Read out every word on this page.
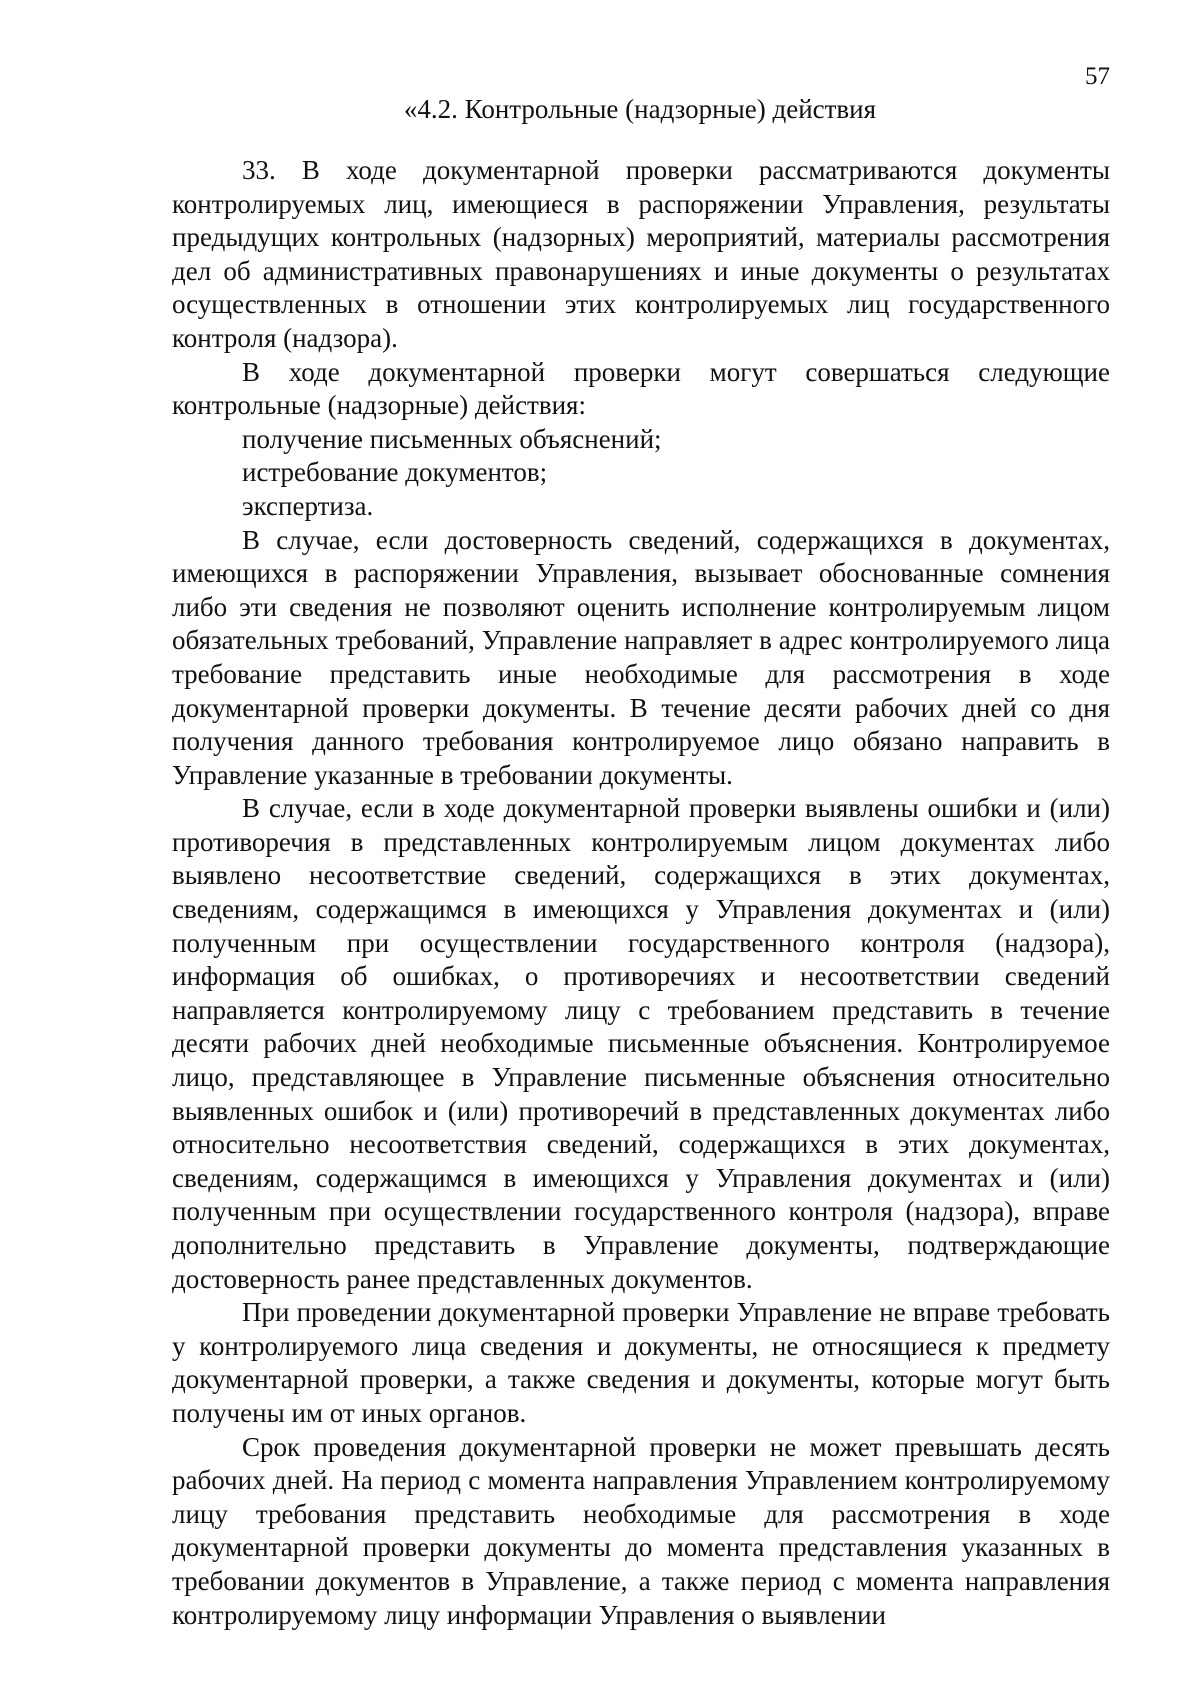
57
«4.2. Контрольные (надзорные) действия

33. В ходе документарной проверки рассматриваются документы контролируемых лиц, имеющиеся в распоряжении Управления, результаты предыдущих контрольных (надзорных) мероприятий, материалы рассмотрения дел об административных правонарушениях и иные документы о результатах осуществленных в отношении этих контролируемых лиц государственного контроля (надзора).

В ходе документарной проверки могут совершаться следующие контрольные (надзорные) действия:

получение письменных объяснений;

истребование документов;

экспертиза.

В случае, если достоверность сведений, содержащихся в документах, имеющихся в распоряжении Управления, вызывает обоснованные сомнения либо эти сведения не позволяют оценить исполнение контролируемым лицом обязательных требований, Управление направляет в адрес контролируемого лица требование представить иные необходимые для рассмотрения в ходе документарной проверки документы. В течение десяти рабочих дней со дня получения данного требования контролируемое лицо обязано направить в Управление указанные в требовании документы.

В случае, если в ходе документарной проверки выявлены ошибки и (или) противоречия в представленных контролируемым лицом документах либо выявлено несоответствие сведений, содержащихся в этих документах, сведениям, содержащимся в имеющихся у Управления документах и (или) полученным при осуществлении государственного контроля (надзора), информация об ошибках, о противоречиях и несоответствии сведений направляется контролируемому лицу с требованием представить в течение десяти рабочих дней необходимые письменные объяснения. Контролируемое лицо, представляющее в Управление письменные объяснения относительно выявленных ошибок и (или) противоречий в представленных документах либо относительно несоответствия сведений, содержащихся в этих документах, сведениям, содержащимся в имеющихся у Управления документах и (или) полученным при осуществлении государственного контроля (надзора), вправе дополнительно представить в Управление документы, подтверждающие достоверность ранее представленных документов.

При проведении документарной проверки Управление не вправе требовать у контролируемого лица сведения и документы, не относящиеся к предмету документарной проверки, а также сведения и документы, которые могут быть получены им от иных органов.

Срок проведения документарной проверки не может превышать десять рабочих дней. На период с момента направления Управлением контролируемому лицу требования представить необходимые для рассмотрения в ходе документарной проверки документы до момента представления указанных в требовании документов в Управление, а также период с момента направления контролируемому лицу информации Управления о выявлении
